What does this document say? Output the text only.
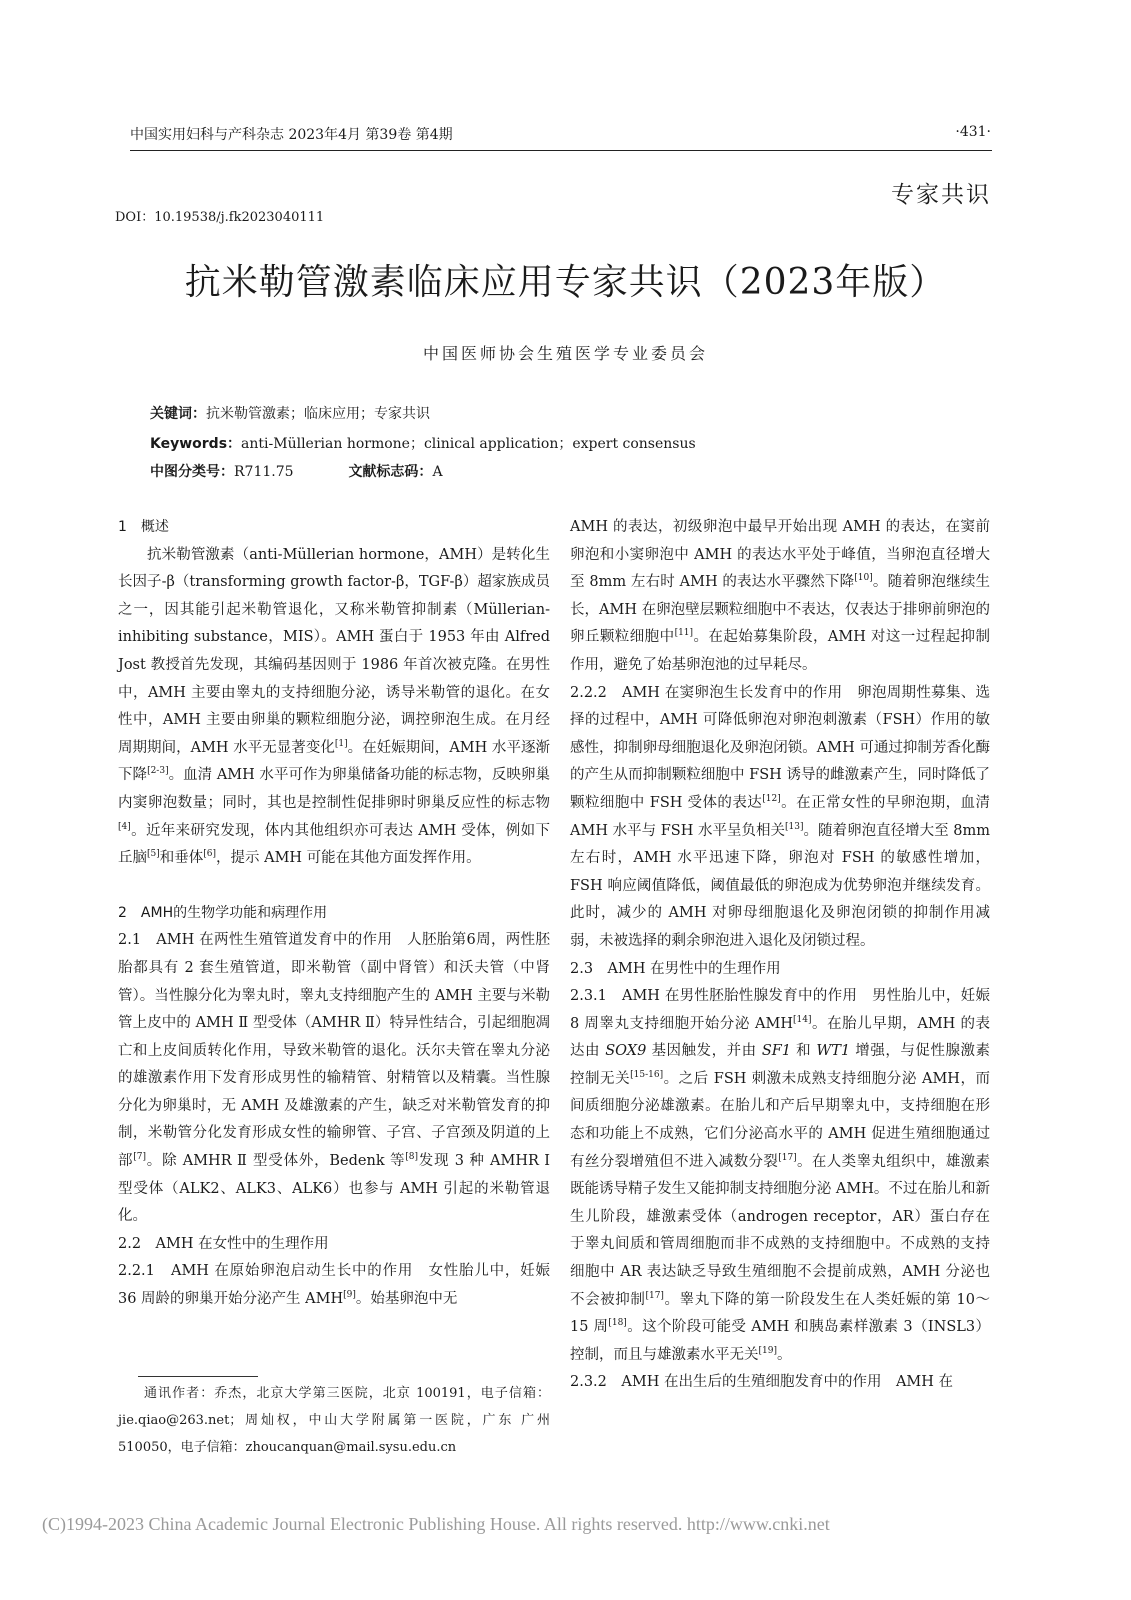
中国实用妇科与产科杂志 2023年4月 第39卷 第4期	·431·
专家共识
DOI：10.19538/j.fk2023040111
抗米勒管激素临床应用专家共识（2023年版）
中国医师协会生殖医学专业委员会
关键词：抗米勒管激素；临床应用；专家共识
Keywords：anti-Müllerian hormone；clinical application；expert consensus
中图分类号：R711.75	文献标志码：A
1　概述

抗米勒管激素（anti-Müllerian hormone，AMH）是转化生长因子-β（transforming growth factor-β，TGF-β）超家族成员之一，因其能引起米勒管退化，又称米勒管抑制素（Müllerian-inhibiting substance，MIS）。AMH 蛋白于 1953 年由 Alfred Jost 教授首先发现，其编码基因则于 1986 年首次被克隆。在男性中，AMH 主要由睾丸的支持细胞分泌，诱导米勒管的退化。在女性中，AMH 主要由卵巢的颗粒细胞分泌，调控卵泡生成。在月经周期期间，AMH 水平无显著变化[1]。在妊娠期间，AMH 水平逐渐下降[2-3]。血清 AMH 水平可作为卵巢储备功能的标志物，反映卵巢内窦卵泡数量；同时，其也是控制性促排卵时卵巢反应性的标志物[4]。近年来研究发现，体内其他组织亦可表达 AMH 受体，例如下丘脑[5]和垂体[6]，提示 AMH 可能在其他方面发挥作用。

2　AMH的生物学功能和病理作用

2.1　AMH 在两性生殖管道发育中的作用　人胚胎第6周，两性胚胎都具有 2 套生殖管道，即米勒管（副中肾管）和沃夫管（中肾管）。当性腺分化为睾丸时，睾丸支持细胞产生的 AMH 主要与米勒管上皮中的 AMH Ⅱ 型受体（AMHR Ⅱ）特异性结合，引起细胞凋亡和上皮间质转化作用，导致米勒管的退化。沃尔夫管在睾丸分泌的雄激素作用下发育形成男性的输精管、射精管以及精囊。当性腺分化为卵巢时，无 AMH 及雄激素的产生，缺乏对米勒管发育的抑制，米勒管分化发育形成女性的输卵管、子宫、子宫颈及阴道的上部[7]。除 AMHR Ⅱ 型受体外，Bedenk 等[8]发现 3 种 AMHR Ⅰ 型受体（ALK2、ALK3、ALK6）也参与 AMH 引起的米勒管退化。

2.2　AMH 在女性中的生理作用

2.2.1　AMH 在原始卵泡启动生长中的作用　女性胎儿中，妊娠 36 周龄的卵巢开始分泌产生 AMH[9]。始基卵泡中无

通讯作者：乔杰，北京大学第三医院，北京 100191，电子信箱：jie.qiao@263.net；周灿权，中山大学附属第一医院，广东 广州 510050，电子信箱：zhoucanquan@mail.sysu.edu.cn

AMH 的表达，初级卵泡中最早开始出现 AMH 的表达，在窦前卵泡和小窦卵泡中 AMH 的表达水平处于峰值，当卵泡直径增大至 8mm 左右时 AMH 的表达水平骤然下降[10]。随着卵泡继续生长，AMH 在卵泡壁层颗粒细胞中不表达，仅表达于排卵前卵泡的卵丘颗粒细胞中[11]。在起始募集阶段，AMH 对这一过程起抑制作用，避免了始基卵泡池的过早耗尽。

2.2.2　AMH 在窦卵泡生长发育中的作用　卵泡周期性募集、选择的过程中，AMH 可降低卵泡对卵泡刺激素（FSH）作用的敏感性，抑制卵母细胞退化及卵泡闭锁。AMH 可通过抑制芳香化酶的产生从而抑制颗粒细胞中 FSH 诱导的雌激素产生，同时降低了颗粒细胞中 FSH 受体的表达[12]。在正常女性的早卵泡期，血清 AMH 水平与 FSH 水平呈负相关[13]。随着卵泡直径增大至 8mm 左右时，AMH 水平迅速下降，卵泡对 FSH 的敏感性增加，FSH 响应阈值降低，阈值最低的卵泡成为优势卵泡并继续发育。此时，减少的 AMH 对卵母细胞退化及卵泡闭锁的抑制作用减弱，未被选择的剩余卵泡进入退化及闭锁过程。

2.3　AMH 在男性中的生理作用

2.3.1　AMH 在男性胚胎性腺发育中的作用　男性胎儿中，妊娠 8 周睾丸支持细胞开始分泌 AMH[14]。在胎儿早期，AMH 的表达由 SOX9 基因触发，并由 SF1 和 WT1 增强，与促性腺激素控制无关[15-16]。之后 FSH 刺激未成熟支持细胞分泌 AMH，而间质细胞分泌雄激素。在胎儿和产后早期睾丸中，支持细胞在形态和功能上不成熟，它们分泌高水平的 AMH 促进生殖细胞通过有丝分裂增殖但不进入减数分裂[17]。在人类睾丸组织中，雄激素既能诱导精子发生又能抑制支持细胞分泌 AMH。不过在胎儿和新生儿阶段，雄激素受体（androgen receptor，AR）蛋白存在于睾丸间质和管周细胞而非不成熟的支持细胞中。不成熟的支持细胞中 AR 表达缺乏导致生殖细胞不会提前成熟，AMH 分泌也不会被抑制[17]。睾丸下降的第一阶段发生在人类妊娠的第 10～15 周[18]。这个阶段可能受 AMH 和胰岛素样激素 3（INSL3）控制，而且与雄激素水平无关[19]。

2.3.2　AMH 在出生后的生殖细胞发育中的作用　AMH 在

(C)1994-2023 China Academic Journal Electronic Publishing House. All rights reserved. http://www.cnki.net
